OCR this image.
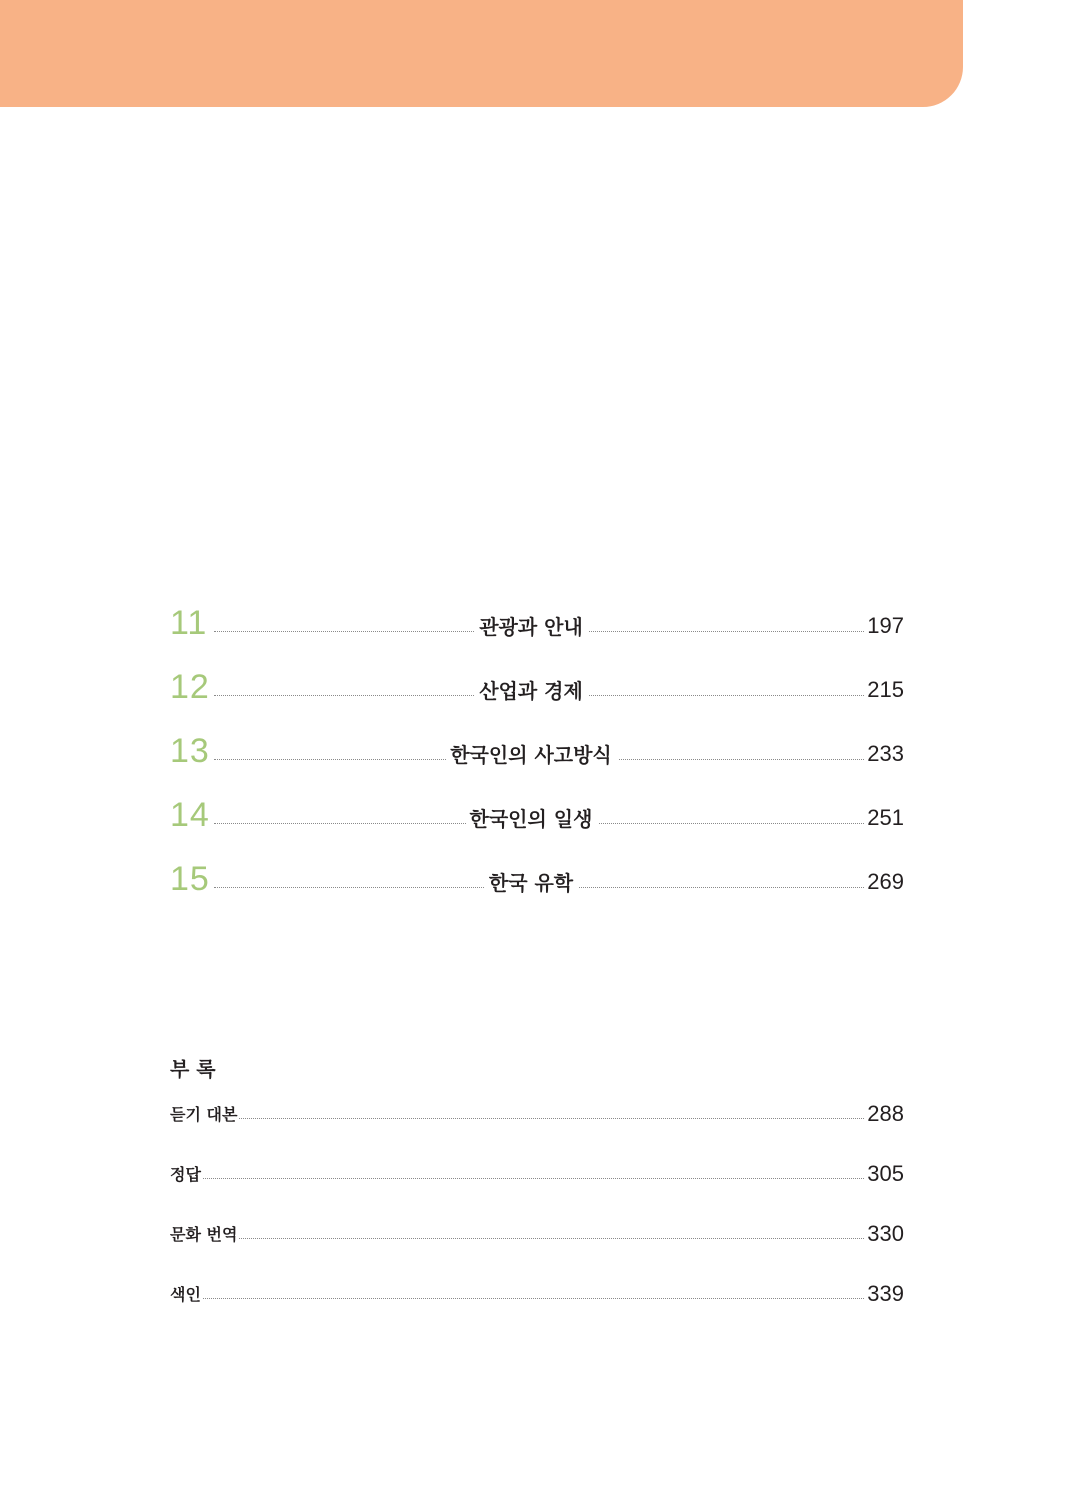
11	관광과 안내	197
12	산업과 경제	215
13	한국인의 사고방식	233
14	한국인의 일생	251
15	한국 유학	269
부 록
듣기 대본	288
정답	305
문화 번역	330
색인	339
